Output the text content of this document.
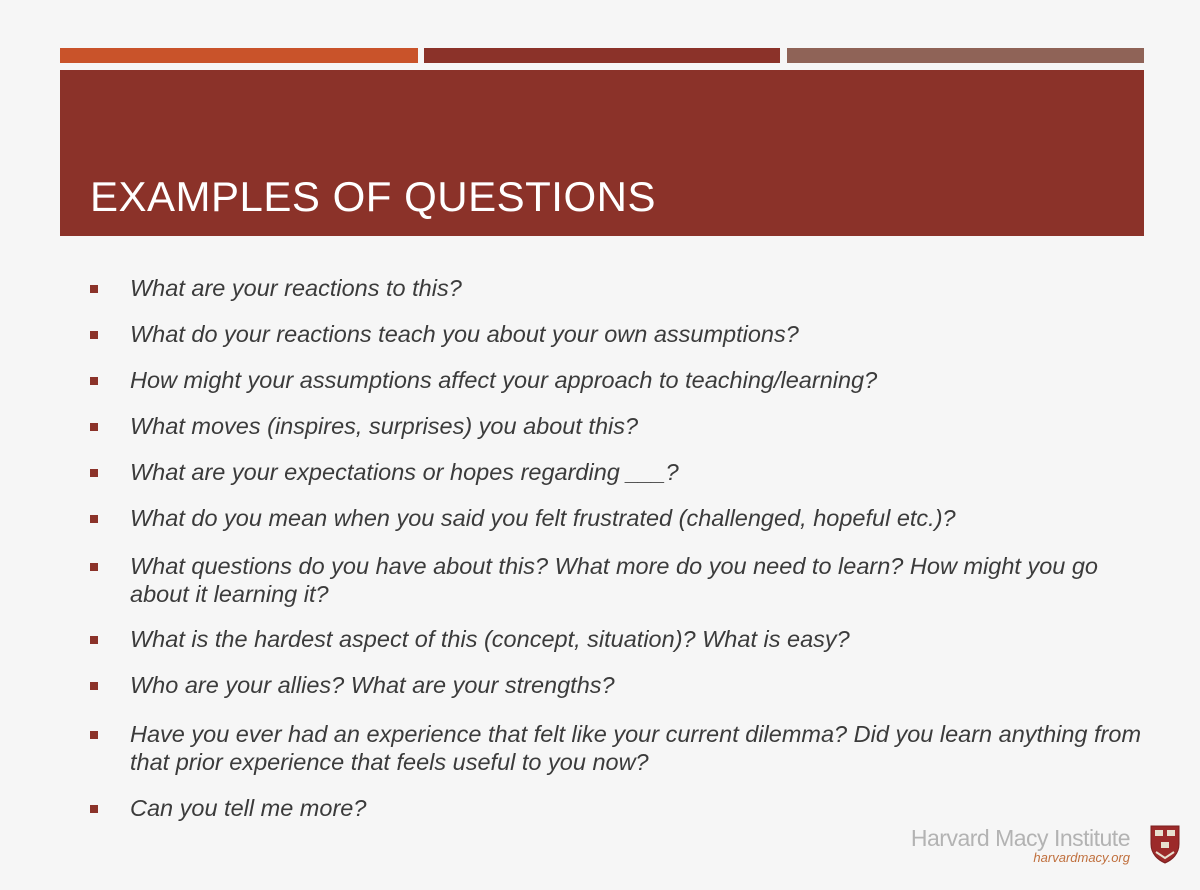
EXAMPLES OF QUESTIONS
What are your reactions to this?
What do your reactions teach you about your own assumptions?
How might your assumptions affect your approach to teaching/learning?
What moves (inspires, surprises) you about this?
What are your expectations or hopes regarding ___?
What do you mean when you said you felt frustrated (challenged, hopeful etc.)?
What questions do you have about this? What more do you need to learn? How might you go about it learning it?
What is the hardest aspect of this (concept, situation)? What is easy?
Who are your allies? What are your strengths?
Have you ever had an experience that felt like your current dilemma? Did you learn anything from that prior experience that feels useful to you now?
Can you tell me more?
Harvard Macy Institute
harvardmacy.org
